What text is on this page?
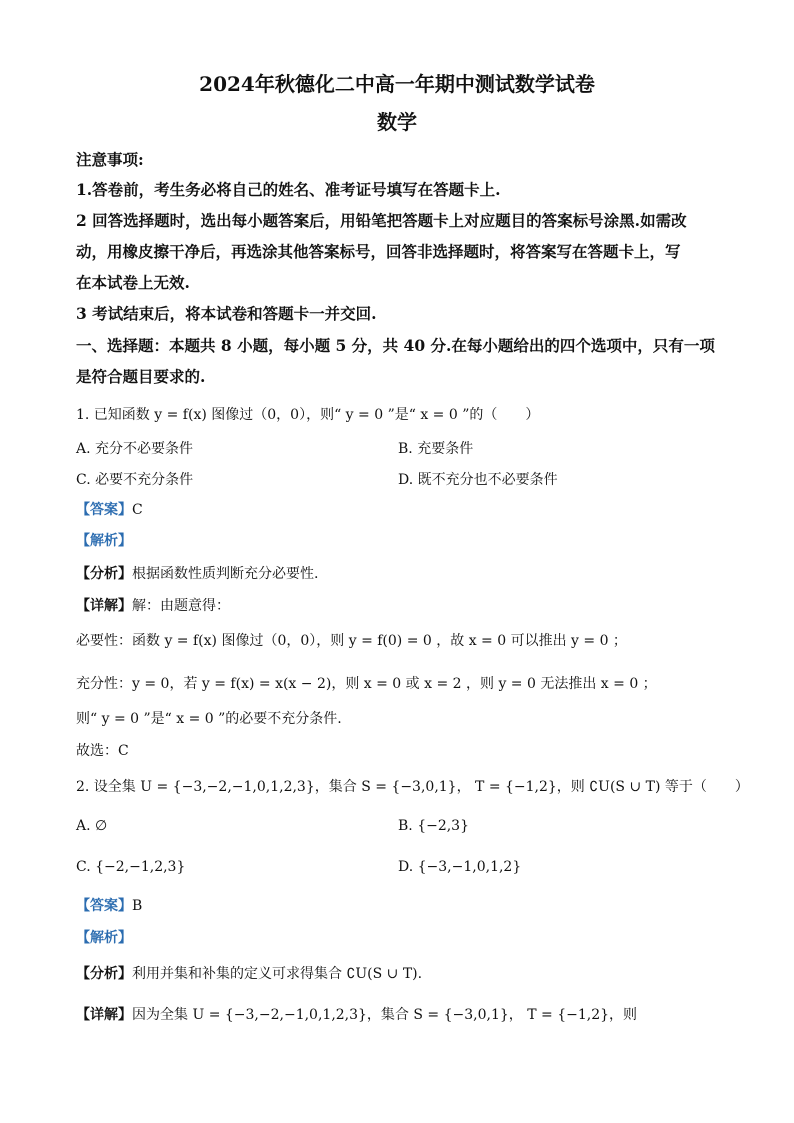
2024年秋德化二中高一年期中测试数学试卷
数学
注意事项:
1.答卷前，考生务必将自己的姓名、准考证号填写在答题卡上.
2 回答选择题时，选出每小题答案后，用铅笔把答题卡上对应题目的答案标号涂黑.如需改
动，用橡皮擦干净后，再选涂其他答案标号，回答非选择题时，将答案写在答题卡上，写
在本试卷上无效.
3 考试结束后，将本试卷和答题卡一并交回.
一、选择题：本题共 8 小题，每小题 5 分，共 40 分.在每小题给出的四个选项中，只有一项
是符合题目要求的.
1. 已知函数 y = f(x) 图像过（0，0），则“ y = 0 ”是“ x = 0 ”的（　　）
A. 充分不必要条件	B. 充要条件
C. 必要不充分条件	D. 既不充分也不必要条件
【答案】C
【解析】
【分析】根据函数性质判断充分必要性.
【详解】解：由题意得：
必要性：函数 y = f(x) 图像过（0，0），则 y = f(0) = 0 ，故 x = 0 可以推出 y = 0 ；
充分性：y = 0，若 y = f(x) = x(x − 2)，则 x = 0 或 x = 2 ，则 y = 0 无法推出 x = 0 ；
则“ y = 0 ”是“ x = 0 ”的必要不充分条件.
故选：C
2. 设全集 U = {−3,−2,−1,0,1,2,3}，集合 S = {−3,0,1}， T = {−1,2}，则 ∁U(S ∪ T) 等于（　　）
A. ∅	B. {−2,3}
C. {−2,−1,2,3}	D. {−3,−1,0,1,2}
【答案】B
【解析】
【分析】利用并集和补集的定义可求得集合 ∁U(S ∪ T).
【详解】因为全集 U = {−3,−2,−1,0,1,2,3}，集合 S = {−3,0,1}， T = {−1,2}，则
